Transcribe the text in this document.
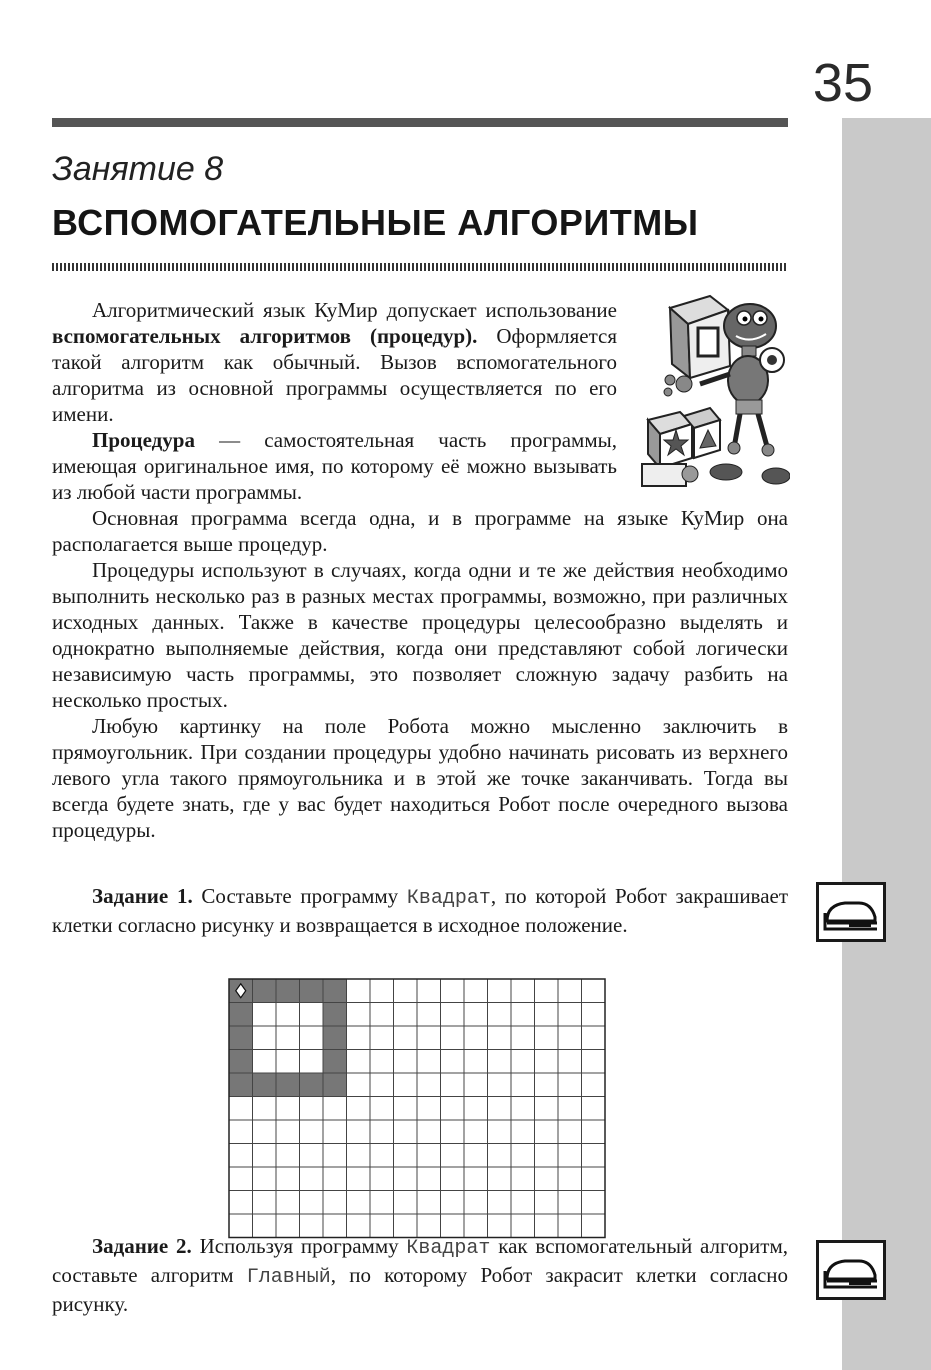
35
Занятие 8
ВСПОМОГАТЕЛЬНЫЕ АЛГОРИТМЫ

Алгоритмический язык КуМир допускает использование вспомогательных алгоритмов (процедур). Оформляется такой алгоритм как обычный. Вызов вспомогательного алгоритма из основной программы осуществляется по его имени.

Процедура — самостоятельная часть программы, имеющая оригинальное имя, по которому её можно вызывать из любой части программы.

Основная программа всегда одна, и в программе на языке КуМир она располагается выше процедур.

Процедуры используют в случаях, когда одни и те же действия необходимо выполнить несколько раз в разных местах программы, возможно, при различных исходных данных. Также в качестве процедуры целесообразно выделять и однократно выполняемые действия, когда они представляют собой логически независимую часть программы, это позволяет сложную задачу разбить на несколько простых.

Любую картинку на поле Робота можно мысленно заключить в прямоугольник. При создании процедуры удобно начинать рисовать из верхнего левого угла такого прямоугольника и в этой же точке заканчивать. Тогда вы всегда будете знать, где у вас будет находиться Робот после очередного вызова процедуры.

Задание 1. Составьте программу Квадрат, по которой Робот закрашивает клетки согласно рисунку и возвращается в исходное положение.

Задание 2. Используя программу Квадрат как вспомогательный алгоритм, составьте алгоритм Главный, по которому Робот закрасит клетки согласно рисунку.
